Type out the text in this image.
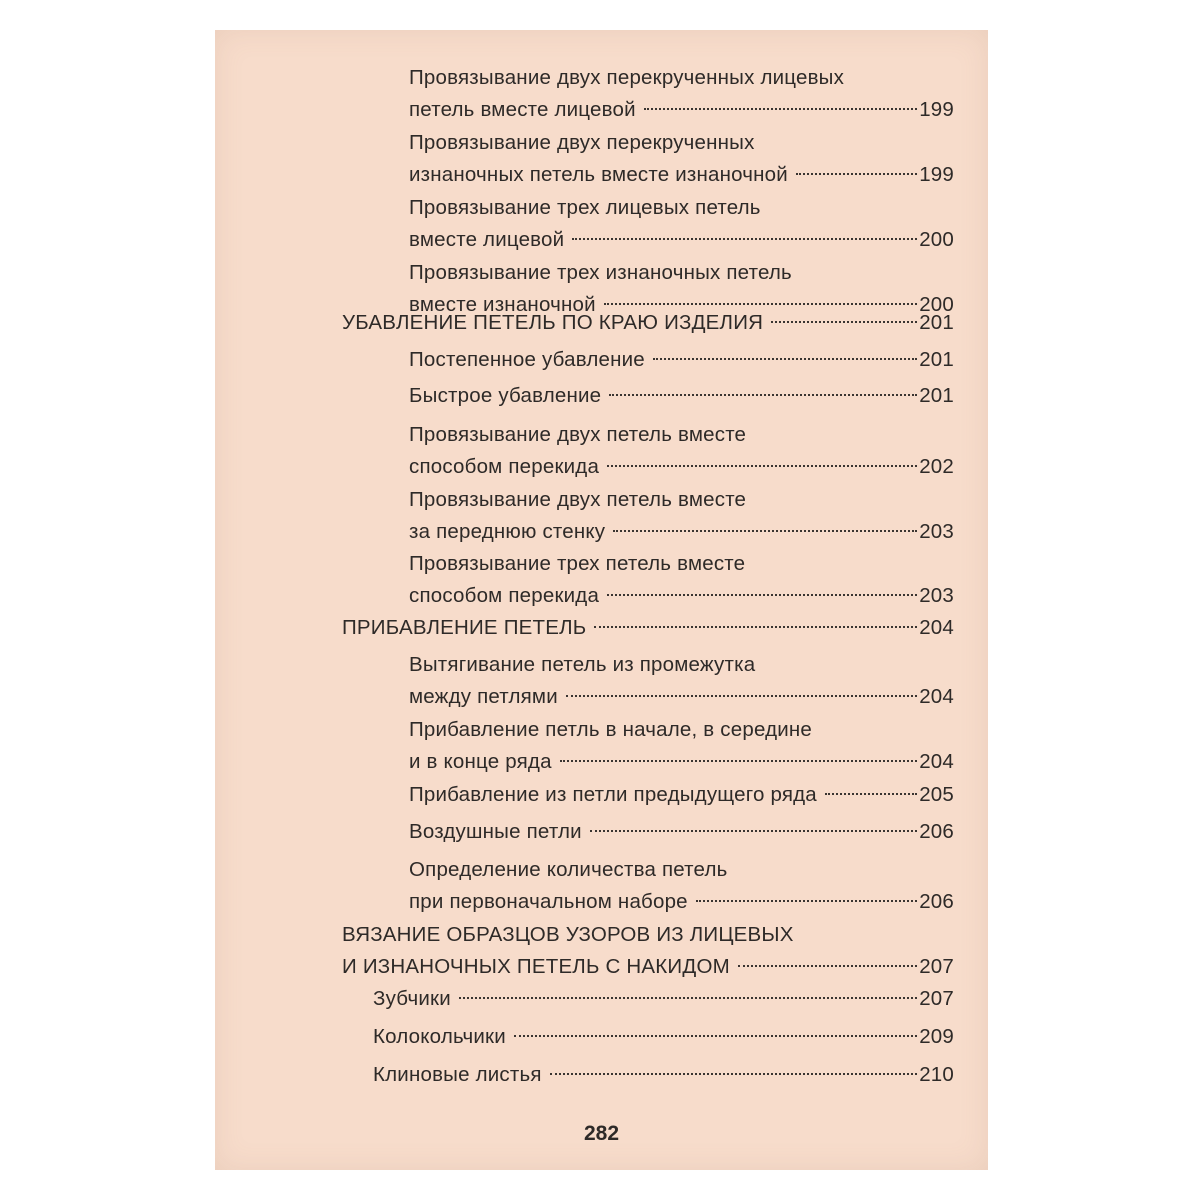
Провязывание двух перекрученных лицевых
петель вместе лицевой	199
Провязывание двух перекрученных
изнаночных петель вместе изнаночной	199
Провязывание трех лицевых петель
вместе лицевой	200
Провязывание трех изнаночных петель
вместе изнаночной	200
УБАВЛЕНИЕ ПЕТЕЛЬ ПО КРАЮ ИЗДЕЛИЯ	201
Постепенное убавление	201
Быстрое убавление	201
Провязывание двух петель вместе
способом перекида	202
Провязывание двух петель вместе
за переднюю стенку	203
Провязывание трех петель вместе
способом перекида	203
ПРИБАВЛЕНИЕ ПЕТЕЛЬ	204
Вытягивание петель из промежутка
между петлями	204
Прибавление петль в начале, в середине
и в конце ряда	204
Прибавление из петли предыдущего ряда	205
Воздушные петли	206
Определение количества петель
при первоначальном наборе	206
ВЯЗАНИЕ ОБРАЗЦОВ УЗОРОВ ИЗ ЛИЦЕВЫХ
И ИЗНАНОЧНЫХ ПЕТЕЛЬ С НАКИДОМ	207
Зубчики	207
Колокольчики	209
Клиновые листья	210
282
